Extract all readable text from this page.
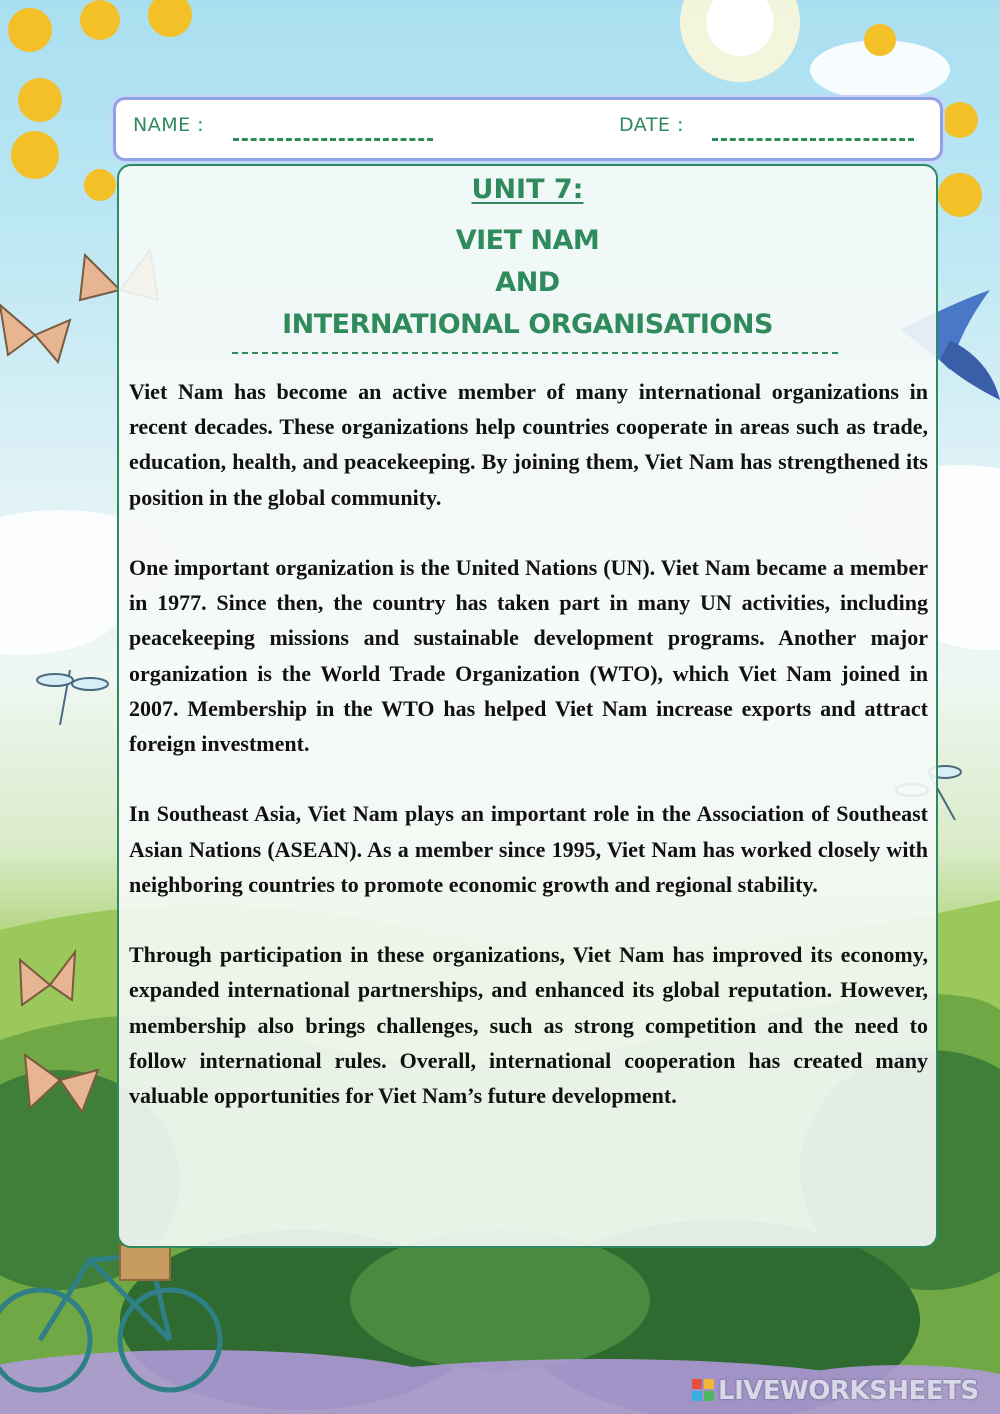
NAME :	DATE :
UNIT 7:
VIET NAM
AND
INTERNATIONAL ORGANISATIONS

Viet Nam has become an active member of many international organizations in recent decades. These organizations help countries cooperate in areas such as trade, education, health, and peacekeeping. By joining them, Viet Nam has strengthened its position in the global community.

One important organization is the United Nations (UN). Viet Nam became a member in 1977. Since then, the country has taken part in many UN activities, including peacekeeping missions and sustainable development programs. Another major organization is the World Trade Organization (WTO), which Viet Nam joined in 2007. Membership in the WTO has helped Viet Nam increase exports and attract foreign investment.

In Southeast Asia, Viet Nam plays an important role in the Association of Southeast Asian Nations (ASEAN). As a member since 1995, Viet Nam has worked closely with neighboring countries to promote economic growth and regional stability.

Through participation in these organizations, Viet Nam has improved its economy, expanded international partnerships, and enhanced its global reputation. However, membership also brings challenges, such as strong competition and the need to follow international rules. Overall, international cooperation has created many valuable opportunities for Viet Nam’s future development.

LIVEWORKSHEETS
